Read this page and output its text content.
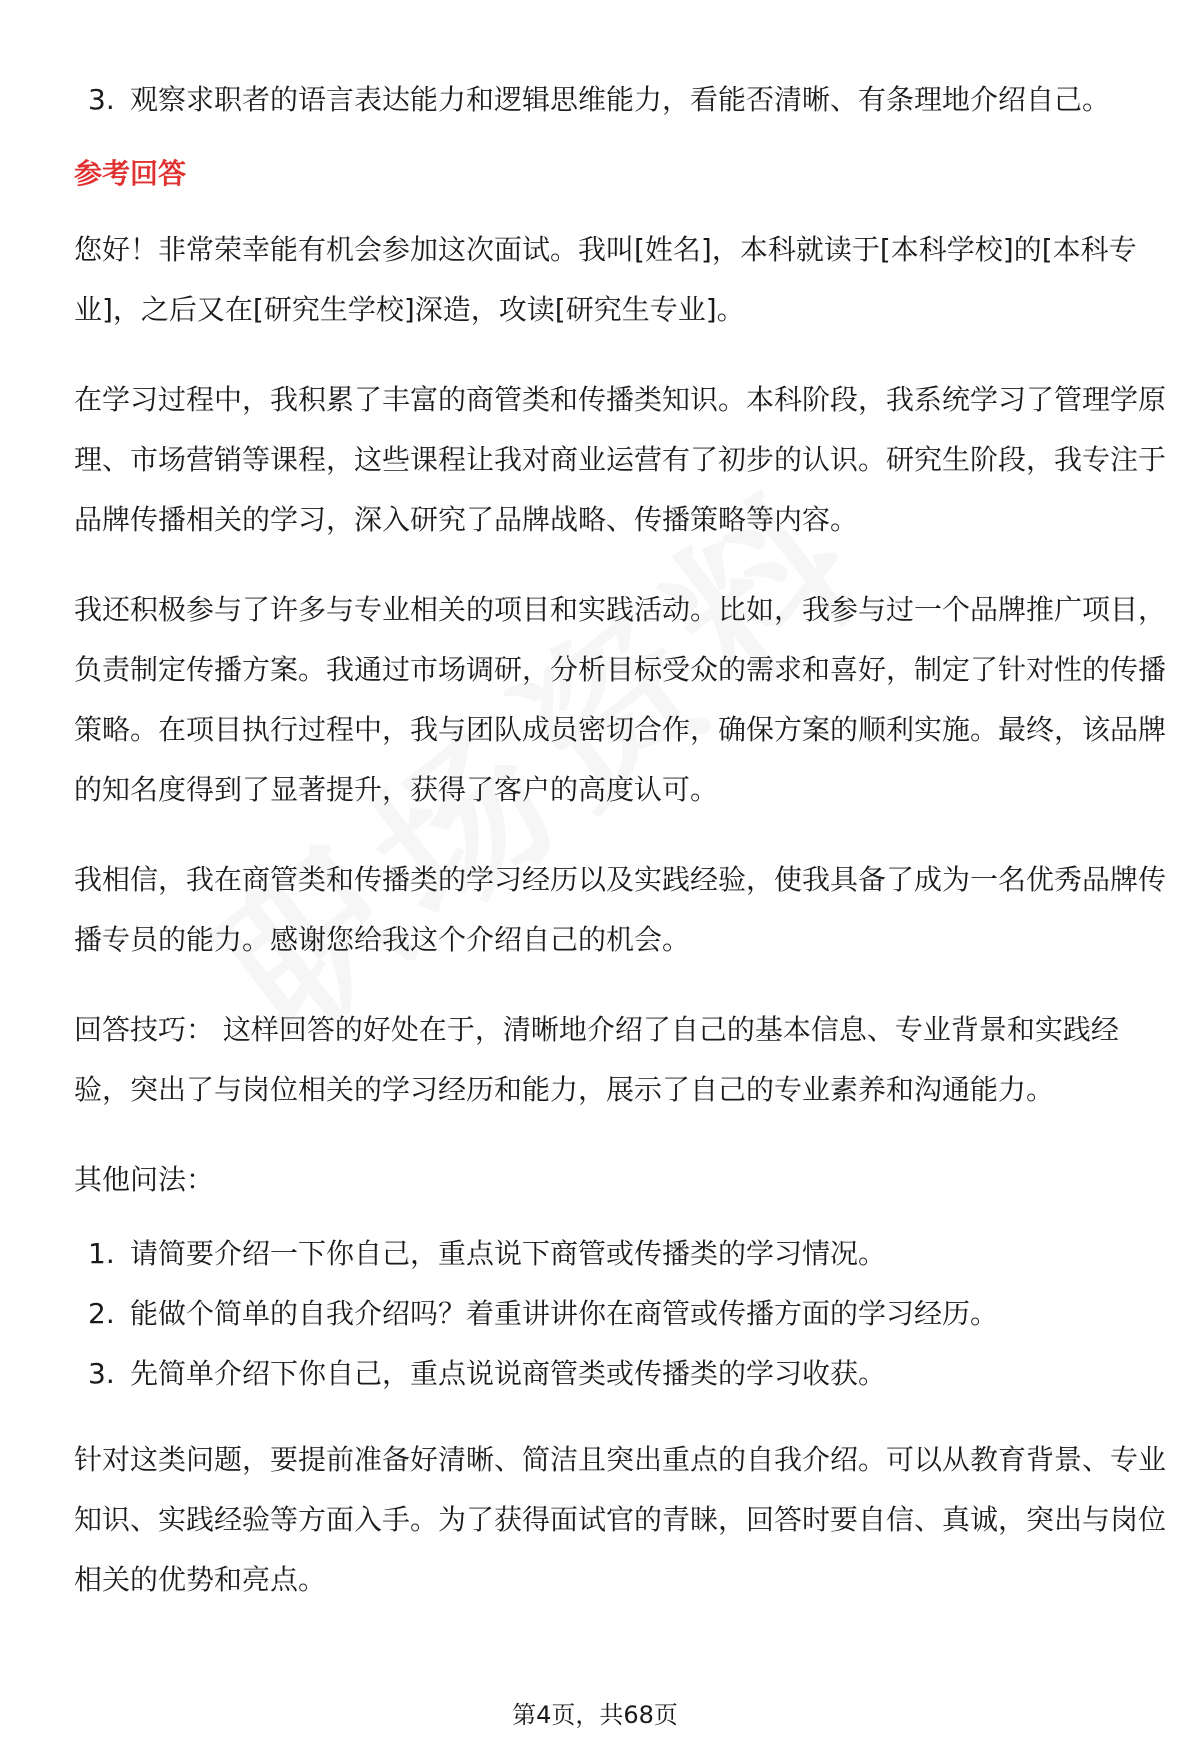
3. 观察求职者的语言表达能力和逻辑思维能力，看能否清晰、有条理地介绍自己。
参考回答

您好！非常荣幸能有机会参加这次面试。我叫[姓名]，本科就读于[本科学校]的[本科专业]，之后又在[研究生学校]深造，攻读[研究生专业]。

在学习过程中，我积累了丰富的商管类和传播类知识。本科阶段，我系统学习了管理学原理、市场营销等课程，这些课程让我对商业运营有了初步的认识。研究生阶段，我专注于品牌传播相关的学习，深入研究了品牌战略、传播策略等内容。

我还积极参与了许多与专业相关的项目和实践活动。比如，我参与过一个品牌推广项目，负责制定传播方案。我通过市场调研，分析目标受众的需求和喜好，制定了针对性的传播策略。在项目执行过程中，我与团队成员密切合作，确保方案的顺利实施。最终，该品牌的知名度得到了显著提升，获得了客户的高度认可。

我相信，我在商管类和传播类的学习经历以及实践经验，使我具备了成为一名优秀品牌传播专员的能力。感谢您给我这个介绍自己的机会。

回答技巧： 这样回答的好处在于，清晰地介绍了自己的基本信息、专业背景和实践经验，突出了与岗位相关的学习经历和能力，展示了自己的专业素养和沟通能力。

其他问法：

1. 请简要介绍一下你自己，重点说下商管或传播类的学习情况。
2. 能做个简单的自我介绍吗？着重讲讲你在商管或传播方面的学习经历。
3. 先简单介绍下你自己，重点说说商管类或传播类的学习收获。

针对这类问题，要提前准备好清晰、简洁且突出重点的自我介绍。可以从教育背景、专业知识、实践经验等方面入手。为了获得面试官的青睐，回答时要自信、真诚，突出与岗位相关的优势和亮点。

第4页，共68页
